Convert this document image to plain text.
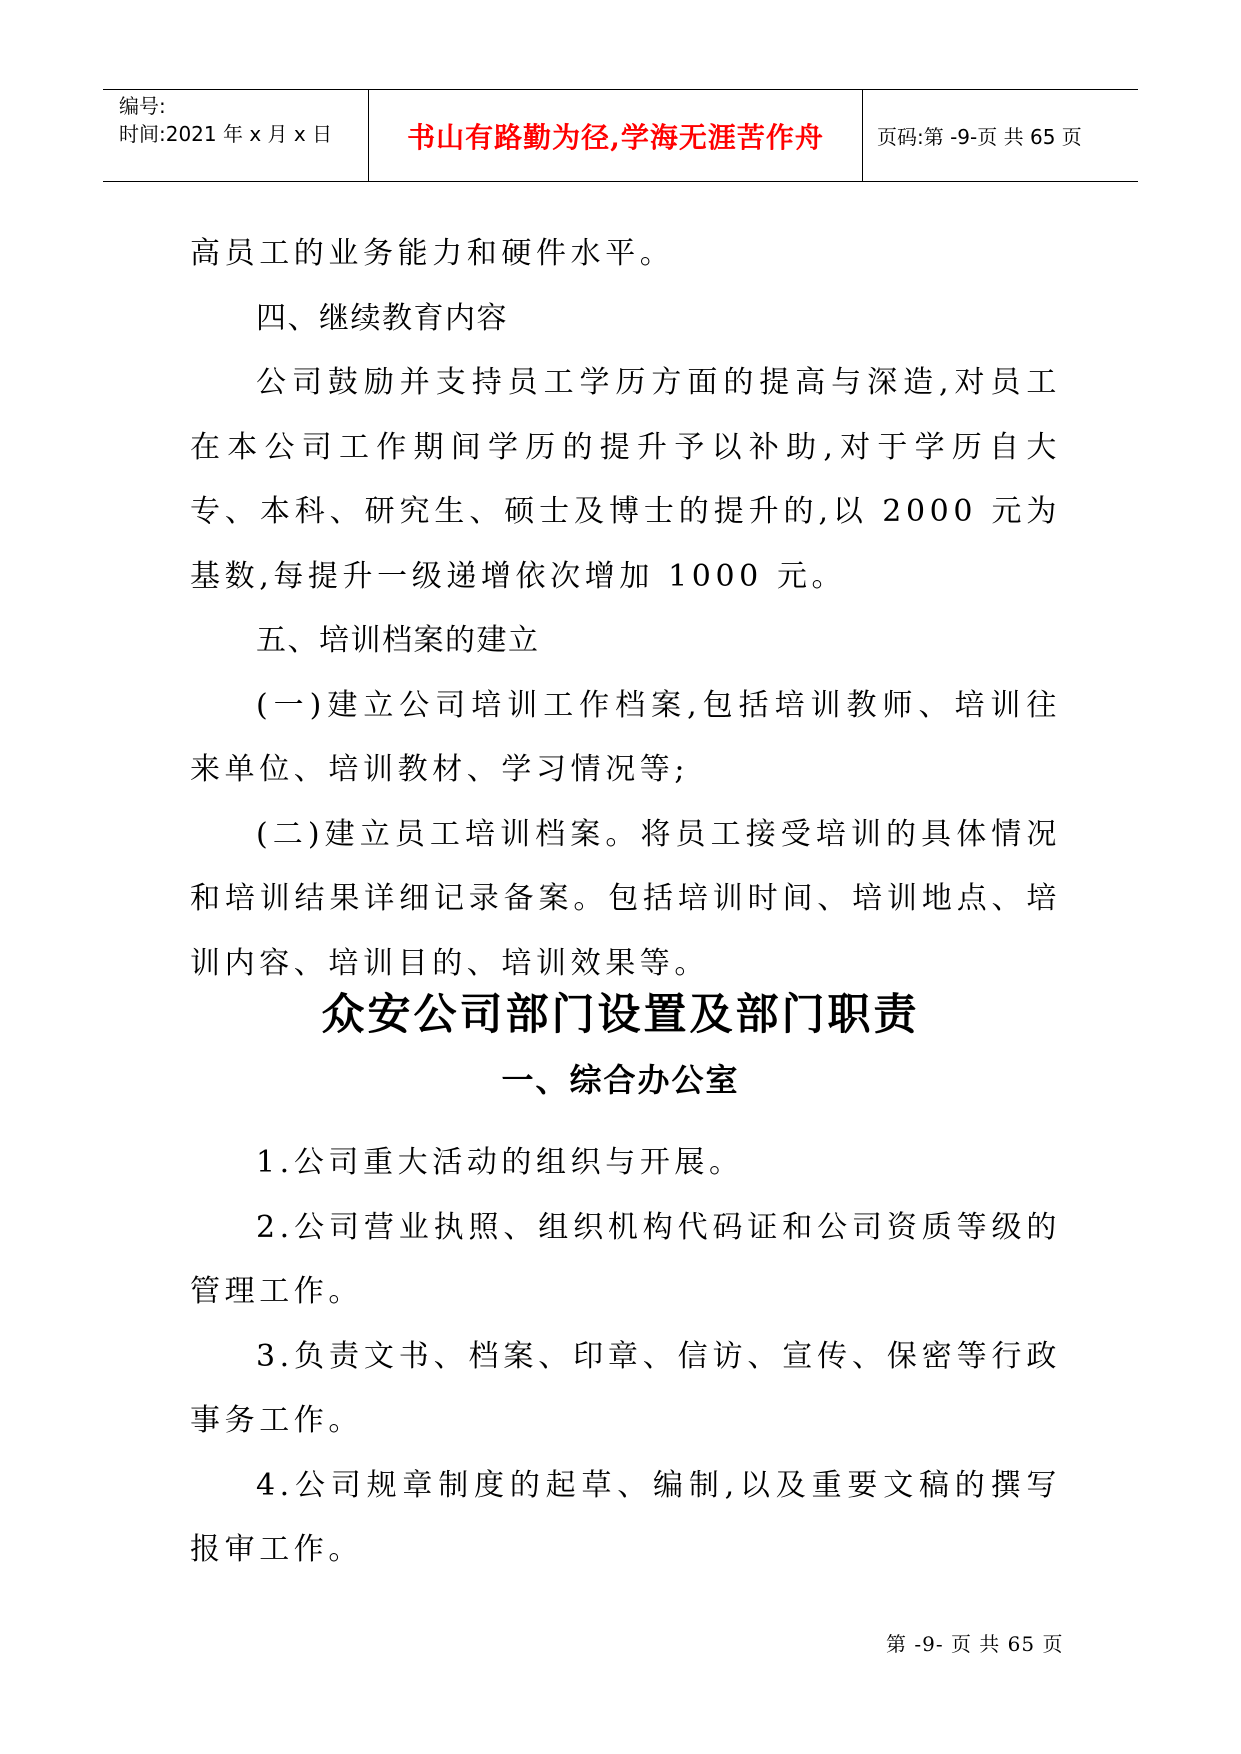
编号:
时间:2021 年 x 月 x 日	书山有路勤为径,学海无涯苦作舟	页码:第 -9-页 共 65 页

高员工的业务能力和硬件水平。

四、继续教育内容

公司鼓励并支持员工学历方面的提高与深造,对员工在本公司工作期间学历的提升予以补助,对于学历自大专、本科、研究生、硕士及博士的提升的,以 2000 元为基数,每提升一级递增依次增加 1000 元。

五、培训档案的建立

(一)建立公司培训工作档案,包括培训教师、培训往来单位、培训教材、学习情况等;

(二)建立员工培训档案。将员工接受培训的具体情况和培训结果详细记录备案。包括培训时间、培训地点、培训内容、培训目的、培训效果等。

众安公司部门设置及部门职责
一、综合办公室

1.公司重大活动的组织与开展。

2.公司营业执照、组织机构代码证和公司资质等级的管理工作。

3.负责文书、档案、印章、信访、宣传、保密等行政事务工作。

4.公司规章制度的起草、编制,以及重要文稿的撰写报审工作。

第 -9- 页 共 65 页
